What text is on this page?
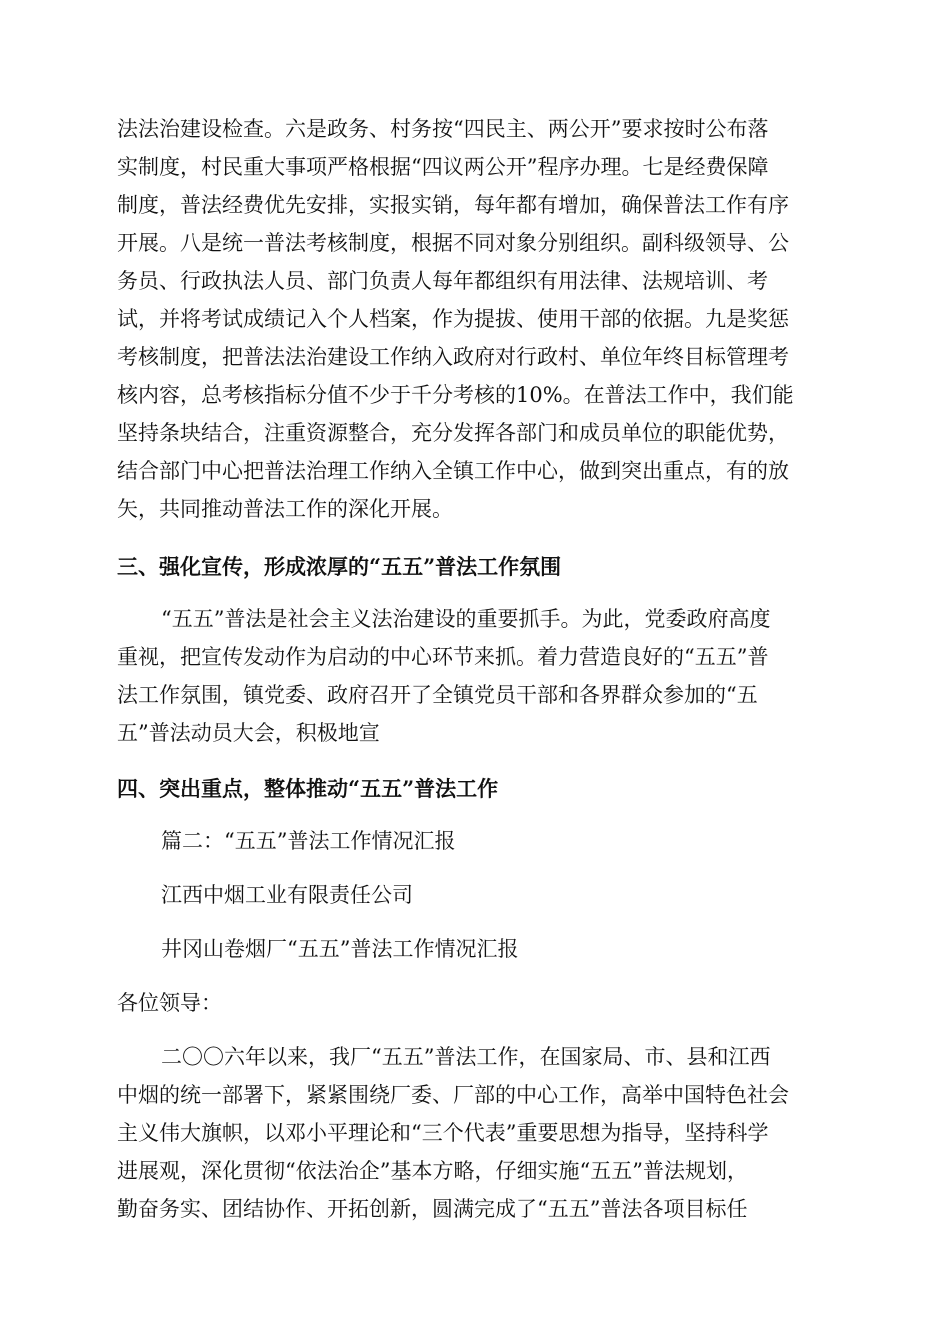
法法治建设检查。六是政务、村务按“四民主、两公开”要求按时公布落
实制度，村民重大事项严格根据“四议两公开”程序办理。七是经费保障
制度，普法经费优先安排，实报实销，每年都有增加，确保普法工作有序
开展。八是统一普法考核制度，根据不同对象分别组织。副科级领导、公
务员、行政执法人员、部门负责人每年都组织有用法律、法规培训、考
试，并将考试成绩记入个人档案，作为提拔、使用干部的依据。九是奖惩
考核制度，把普法法治建设工作纳入政府对行政村、单位年终目标管理考
核内容，总考核指标分值不少于千分考核的10%。在普法工作中，我们能
坚持条块结合，注重资源整合，充分发挥各部门和成员单位的职能优势，
结合部门中心把普法治理工作纳入全镇工作中心，做到突出重点，有的放
矢，共同推动普法工作的深化开展。
三、强化宣传，形成浓厚的“五五”普法工作氛围
“五五”普法是社会主义法治建设的重要抓手。为此，党委政府高度
重视，把宣传发动作为启动的中心环节来抓。着力营造良好的“五五”普
法工作氛围，镇党委、政府召开了全镇党员干部和各界群众参加的“五
五”普法动员大会，积极地宣
四、突出重点，整体推动“五五”普法工作
篇二：“五五”普法工作情况汇报
江西中烟工业有限责任公司
井冈山卷烟厂“五五”普法工作情况汇报
各位领导：
二〇〇六年以来，我厂“五五”普法工作，在国家局、市、县和江西
中烟的统一部署下，紧紧围绕厂委、厂部的中心工作，高举中国特色社会
主义伟大旗帜，以邓小平理论和“三个代表”重要思想为指导，坚持科学
进展观，深化贯彻“依法治企”基本方略，仔细实施“五五”普法规划，
勤奋务实、团结协作、开拓创新，圆满完成了“五五”普法各项目标任
